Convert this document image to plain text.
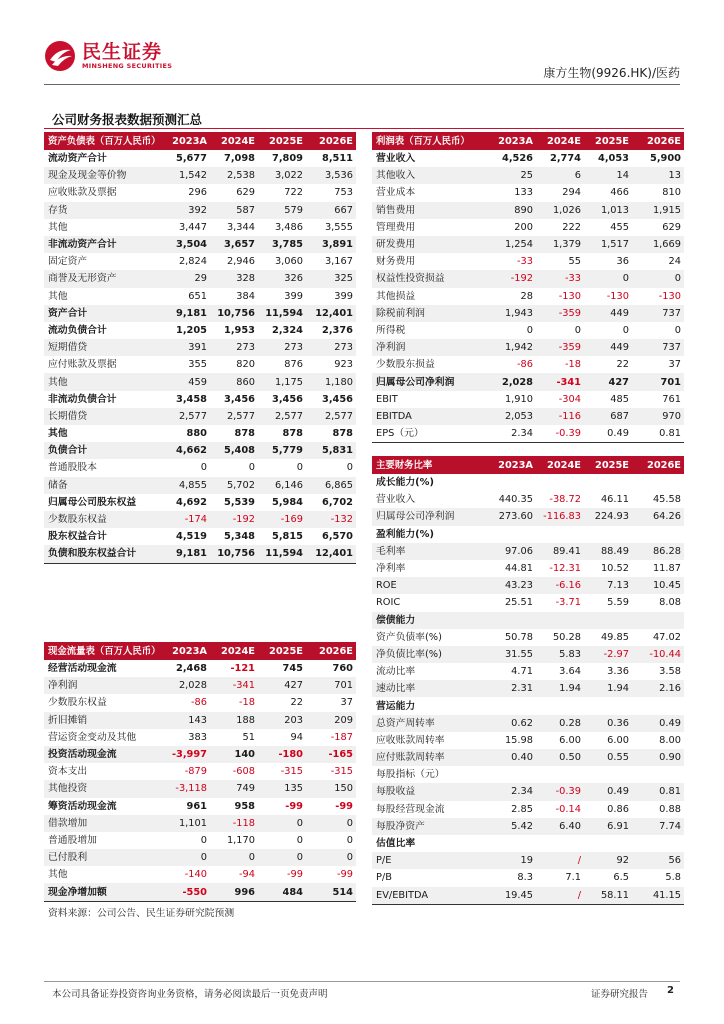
民生证券
MINSHENG SECURITIES	康方生物(9926.HK)/医药
公司财务报表数据预测汇总
资产负债表（百万人民币）	2023A	2024E	2025E	2026E
流动资产合计	5,677	7,098	7,809	8,511
现金及现金等价物	1,542	2,538	3,022	3,536
应收账款及票据	296	629	722	753
存货	392	587	579	667
其他	3,447	3,344	3,486	3,555
非流动资产合计	3,504	3,657	3,785	3,891
固定资产	2,824	2,946	3,060	3,167
商誉及无形资产	29	328	326	325
其他	651	384	399	399
资产合计	9,181	10,756	11,594	12,401
流动负债合计	1,205	1,953	2,324	2,376
短期借贷	391	273	273	273
应付账款及票据	355	820	876	923
其他	459	860	1,175	1,180
非流动负债合计	3,458	3,456	3,456	3,456
长期借贷	2,577	2,577	2,577	2,577
其他	880	878	878	878
负债合计	4,662	5,408	5,779	5,831
普通股股本	0	0	0	0
储备	4,855	5,702	6,146	6,865
归属母公司股东权益	4,692	5,539	5,984	6,702
少数股东权益	-174	-192	-169	-132
股东权益合计	4,519	5,348	5,815	6,570
负债和股东权益合计	9,181	10,756	11,594	12,401
利润表（百万人民币）	2023A	2024E	2025E	2026E
营业收入	4,526	2,774	4,053	5,900
其他收入	25	6	14	13
营业成本	133	294	466	810
销售费用	890	1,026	1,013	1,915
管理费用	200	222	455	629
研发费用	1,254	1,379	1,517	1,669
财务费用	-33	55	36	24
权益性投资损益	-192	-33	0	0
其他损益	28	-130	-130	-130
除税前利润	1,943	-359	449	737
所得税	0	0	0	0
净利润	1,942	-359	449	737
少数股东损益	-86	-18	22	37
归属母公司净利润	2,028	-341	427	701
EBIT	1,910	-304	485	761
EBITDA	2,053	-116	687	970
EPS（元）	2.34	-0.39	0.49	0.81
现金流量表（百万人民币）	2023A	2024E	2025E	2026E
经营活动现金流	2,468	-121	745	760
净利润	2,028	-341	427	701
少数股东权益	-86	-18	22	37
折旧摊销	143	188	203	209
营运资金变动及其他	383	51	94	-187
投资活动现金流	-3,997	140	-180	-165
资本支出	-879	-608	-315	-315
其他投资	-3,118	749	135	150
筹资活动现金流	961	958	-99	-99
借款增加	1,101	-118	0	0
普通股增加	0	1,170	0	0
已付股利	0	0	0	0
其他	-140	-94	-99	-99
现金净增加额	-550	996	484	514
主要财务比率	2023A	2024E	2025E	2026E
成长能力(%)				
营业收入	440.35	-38.72	46.11	45.58
归属母公司净利润	273.60	-116.83	224.93	64.26
盈利能力(%)				
毛利率	97.06	89.41	88.49	86.28
净利率	44.81	-12.31	10.52	11.87
ROE	43.23	-6.16	7.13	10.45
ROIC	25.51	-3.71	5.59	8.08
偿债能力				
资产负债率(%)	50.78	50.28	49.85	47.02
净负债比率(%)	31.55	5.83	-2.97	-10.44
流动比率	4.71	3.64	3.36	3.58
速动比率	2.31	1.94	1.94	2.16
营运能力				
总资产周转率	0.62	0.28	0.36	0.49
应收账款周转率	15.98	6.00	6.00	8.00
应付账款周转率	0.40	0.50	0.55	0.90
每股指标（元）				
每股收益	2.34	-0.39	0.49	0.81
每股经营现金流	2.85	-0.14	0.86	0.88
每股净资产	5.42	6.40	6.91	7.74
估值比率				
P/E	19	/	92	56
P/B	8.3	7.1	6.5	5.8
EV/EBITDA	19.45	/	58.11	41.15
资料来源：公司公告、民生证券研究院预测
本公司具备证券投资咨询业务资格，请务必阅读最后一页免责声明	证券研究报告 2
